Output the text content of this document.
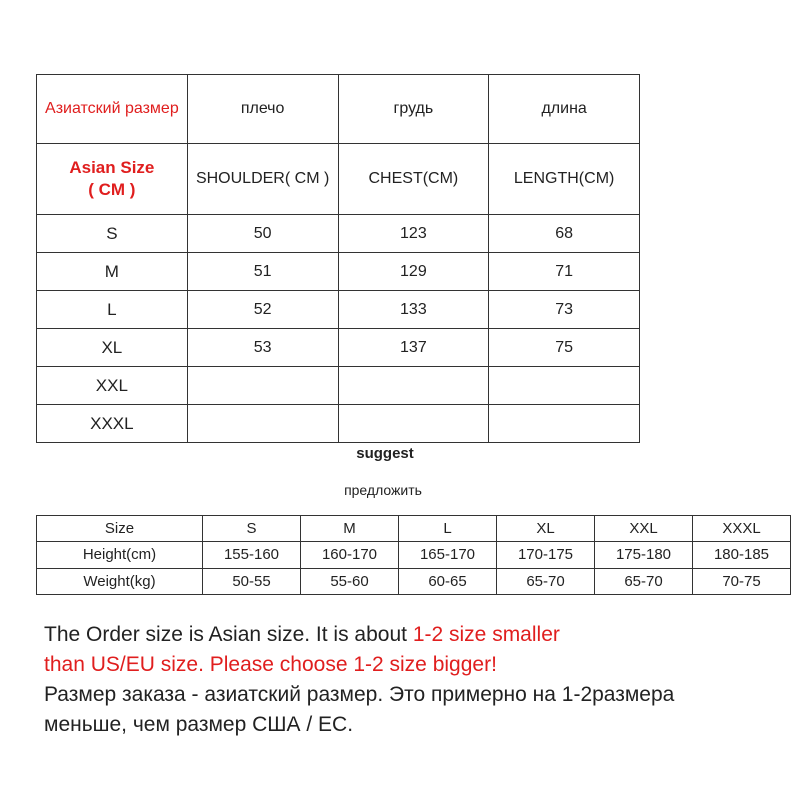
Азиатский размер	плечо	грудь	длина

Asian Size
( CM )	SHOULDER( CM )	CHEST(CM)	LENGTH(CM)
S	50	123	68
M	51	129	71
L	52	133	73
XL	53	137	75
XXL			
XXXL			
suggest
предложить
Size	S	M	L	XL	XXL	XXXL
Height(cm)	155-160	160-170	165-170	170-175	175-180	180-185
Weight(kg)	50-55	55-60	60-65	65-70	65-70	70-75
The Order size is Asian size. It is about 1-2 size smaller
than US/EU size. Please choose 1-2 size bigger!
Размер заказа - азиатский размер. Это примерно на 1-2размера
меньше, чем размер США / ЕС.
